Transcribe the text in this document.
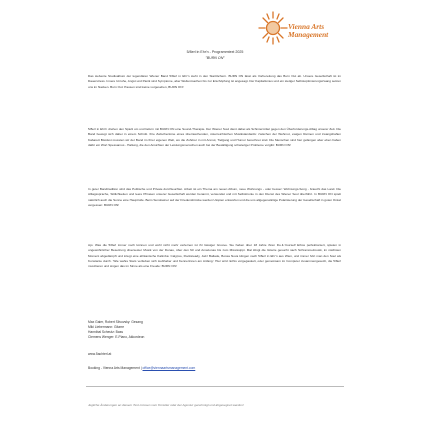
Vienna Arts
Management
5/8erl in Ehr'n - Programmtext 2025
"BURN ON"
Das siebente Studioalbum der legendären Wiener Band 5/8erl in Ehr'n steht in den Startlöchern. BURN ON lässt als Vorbereitung das Burn Out ab. Unsere Gesellschaft ist im Dauerstress. Innere Unruhe, Angst und Panik sind Symptome, aber Wellenmachen bis zur Erschöpfung ist angesagt. Der Kapitalismus und ein stetiger Selbstoptimierungszwang setzen uns im Nacken. Burn Out: Pausen sind keine vorgesehen, BURN ON!
5/8erl in Ehr'n drehen den Spieß um und liefern mit BURN ON eine Sound-Therapie. Der Wiener Soul dient dabei als Schmiermittel gegen den Überforderungs-Alltag unserer Zeit. Die Band bewegt sich dabei in einem Schnitt. Ihre Zwischentöne eines überraschenden, österreichischen Musikstandards: zwischen der Wehmut, ewigen Reimen und zwangshaften Kabarett Bissfest mussten wir der Band im Ihrer eigenen Welt, wo die Zuhörer in mit Anmut, Tiefgang und Humor berechnet sind. Die Menschen sind hier gefangen aber eben haben dafür ein Wort Spessamus - Haltung, die den Ansichten der Leistungsmenschen auch bei der Bewältigung schwieriger Probleme vorgibt: BURN ON!
In guter Bandtradition wird das Politische und Private durchleuchtet. Arbeit ist ein Thema am neuen Album, neue Wohnungs - oder besser: Wohnungs-Song - braucht das Land. Die Alltagssprache, Sittlichkeiten und leere Phrasen unserer Gesellschaft werden benannt, verwendet und mit Selbstironie in den Dienst des Wiener Soul überführt. In BURN ON spielt natürlich auch die Sonne eine Hauptrolle. Beim Sundowner auf der Friedensbrücke werden Utopien entworfen und die uns allgegenwärtige Polarisierung der Gesellschaft in guten Onkel vergessen: BURN ON!
Ajo: Was die 5/8erl immer noch können und wohl nicht mehr verlernen ist ihr lässiger Groove. Sie haben über 18 Jahre ihren Do-It-Yourself Ethos perfektioniert, spielen in ungewöhnlicher Besetzung diversester Musik von der Donau, über den Nil und Amazonas bis zum Mississippi. Mal klingt die Gitarre gesucht nach Schrammelmusik, im nächsten Moment abgedämpft und kriegt eine afrikanische Kalimba: Calypso, Rocksteady, Jazz Ballade, Bossa Nova klingen nach 5/8erl in Ehr'n aus Wien, und immer hört man den Soul als Konstante durch. 'Wie wahre Stars verlieben sich Liebhaber und Kennerinnen am Anfang.' Hier wird nichts vorgegaukelt, oder gemeinsam im Computer zusammengesetzt, die 5/8erl musizieren und singen das im Sinne als eine Freude: BURN ON!
Max Gaier, Robert Slivovsky: Gesang
Miki Liebermann: Gitarre
Hannibal Scheutz: Bass
Clemens Wenger: E-Piano, Akkordeon
www.5achterl.at
Booking - Vienna Arts Management | office@viennaartsmanagement.com
Jegliche Änderungen an diesem Text müssen vom Künstler oder der Agentur genehmigt und abgesegnet werden!
